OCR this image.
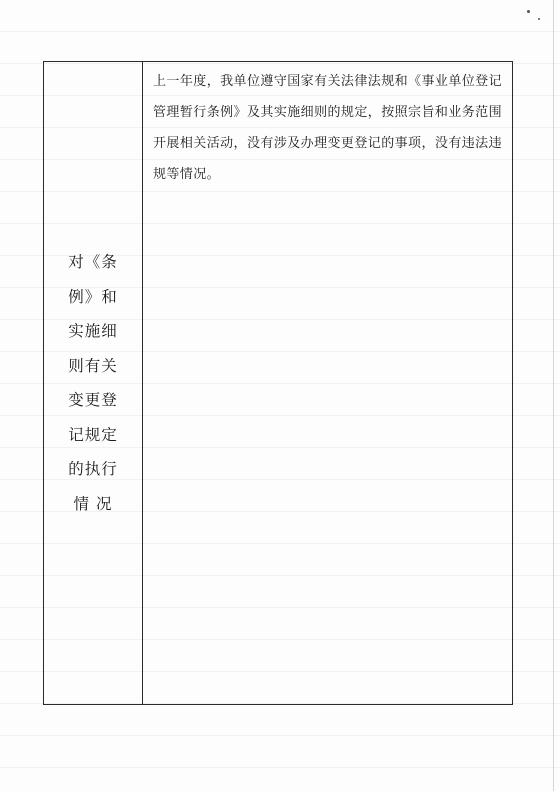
对《条
例》和
实施细
则有关
变更登
记规定
的执行
情 况
上一年度，我单位遵守国家有关法律法规和《事业单位登记管理暂行条例》及其实施细则的规定，按照宗旨和业务范围开展相关活动，没有涉及办理变更登记的事项，没有违法违规等情况。
